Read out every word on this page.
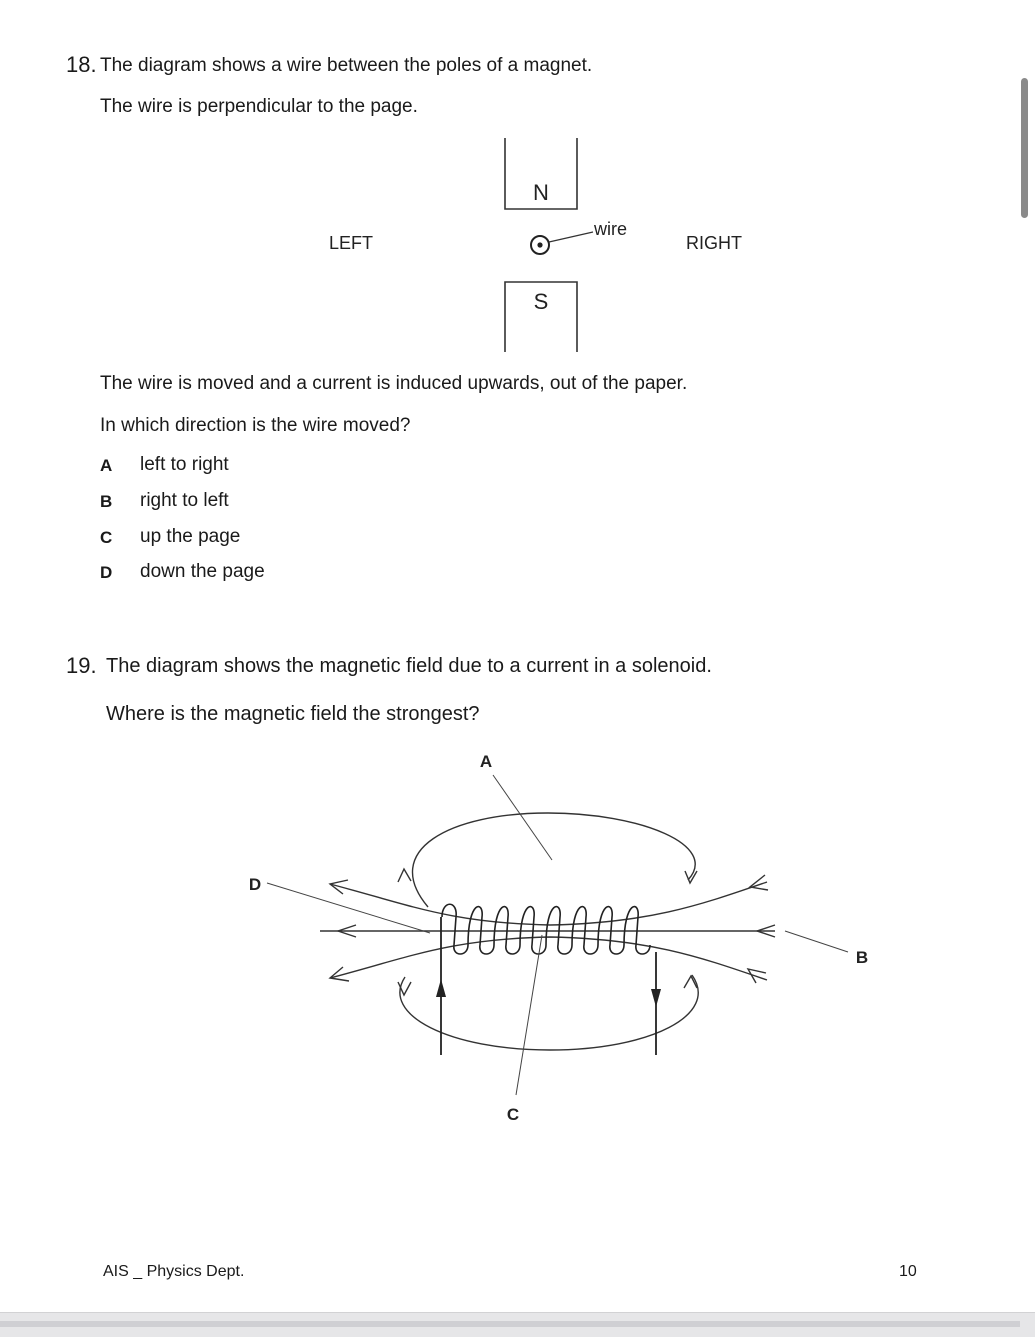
18. The diagram shows a wire between the poles of a magnet.
The wire is perpendicular to the page.
N
S
wire
LEFT	RIGHT
The wire is moved and a current is induced upwards, out of the paper.
In which direction is the wire moved?
A left to right
B right to left
C up the page
D down the page
19. The diagram shows the magnetic field due to a current in a solenoid.
Where is the magnetic field the strongest?
A
D
B
C
AIS _ Physics Dept.	10
